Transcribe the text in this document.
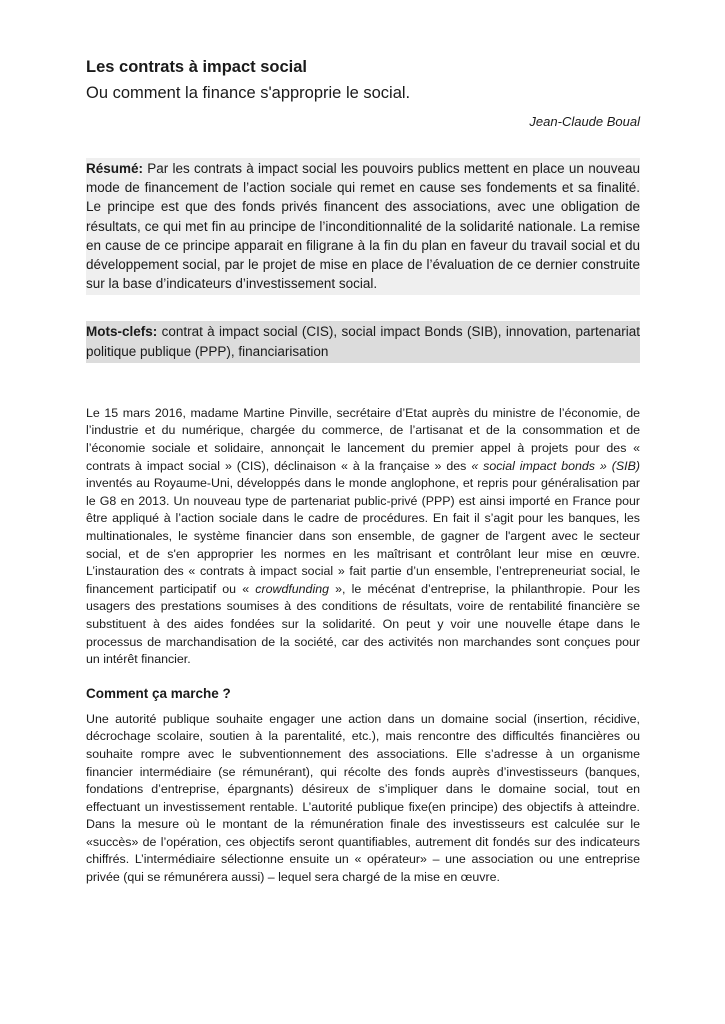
Les contrats à impact social

Ou comment la finance s'approprie le social.

Jean-Claude Boual

Résumé: Par les contrats à impact social les pouvoirs publics mettent en place un nouveau mode de financement de l’action sociale qui remet en cause ses fondements et sa finalité. Le principe est que des fonds privés financent des associations, avec une obligation de résultats, ce qui met fin au principe de l’inconditionnalité de la solidarité nationale. La remise en cause de ce principe apparait en filigrane à la fin du plan en faveur du travail social et du développement social, par le projet de mise en place de l’évaluation de ce dernier construite sur la base d’indicateurs d’investissement social.
Mots-clefs: contrat à impact social (CIS), social impact Bonds (SIB), innovation, partenariat politique publique (PPP), financiarisation

Le 15 mars 2016, madame Martine Pinville, secrétaire d’Etat auprès du ministre de l’économie, de l’industrie et du numérique, chargée du commerce, de l’artisanat et de la consommation et de l’économie sociale et solidaire, annonçait le lancement du premier appel à projets pour des « contrats à impact social » (CIS), déclinaison « à la française » des « social impact bonds » (SIB) inventés au Royaume-Uni, développés dans le monde anglophone, et repris pour généralisation par le G8 en 2013. Un nouveau type de partenariat public-privé (PPP) est ainsi importé en France pour être appliqué à l’action sociale dans le cadre de procédures. En fait il s’agit pour les banques, les multinationales, le système financier dans son ensemble, de gagner de l'argent avec le secteur social, et de s'en approprier les normes en les maîtrisant et contrôlant leur mise en œuvre. L’instauration des « contrats à impact social » fait partie d’un ensemble, l’entrepreneuriat social, le financement participatif ou « crowdfunding », le mécénat d’entreprise, la philanthropie. Pour les usagers des prestations soumises à des conditions de résultats, voire de rentabilité financière se substituent à des aides fondées sur la solidarité. On peut y voir une nouvelle étape dans le processus de marchandisation de la société, car des activités non marchandes sont conçues pour un intérêt financier.

Comment ça marche ?

Une autorité publique souhaite engager une action dans un domaine social (insertion, récidive, décrochage scolaire, soutien à la parentalité, etc.), mais rencontre des difficultés financières ou souhaite rompre avec le subventionnement des associations. Elle s’adresse à un organisme financier intermédiaire (se rémunérant), qui récolte des fonds auprès d’investisseurs (banques, fondations d’entreprise, épargnants) désireux de s’impliquer dans le domaine social, tout en effectuant un investissement rentable. L’autorité publique fixe(en principe) des objectifs à atteindre. Dans la mesure où le montant de la rémunération finale des investisseurs est calculée sur le «succès» de l’opération, ces objectifs seront quantifiables, autrement dit fondés sur des indicateurs chiffrés. L’intermédiaire sélectionne ensuite un « opérateur» – une association ou une entreprise privée (qui se rémunérera aussi) – lequel sera chargé de la mise en œuvre.
